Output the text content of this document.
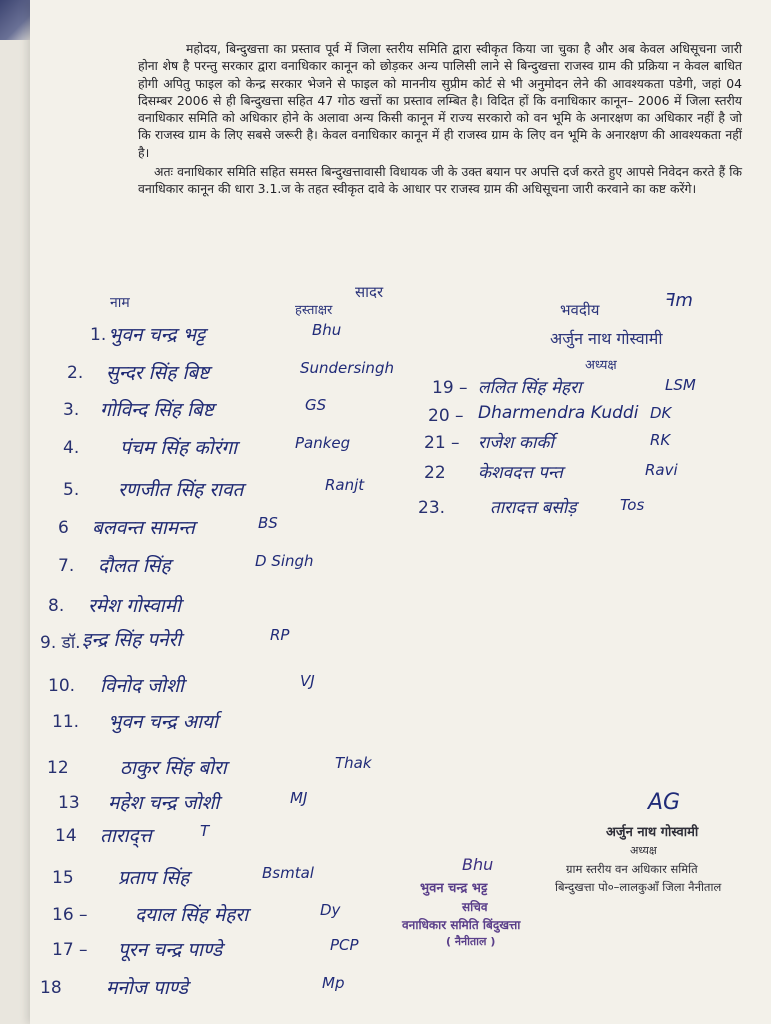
महोदय, बिन्दुखत्ता का प्रस्ताव पूर्व में जिला स्तरीय समिति द्वारा स्वीकृत किया जा चुका है और अब केवल अधिसूचना जारी होना शेष है परन्तु सरकार द्वारा वनाधिकार कानून को छोड़कर अन्य पालिसी लाने से बिन्दुखत्ता राजस्व ग्राम की प्रक्रिया न केवल बाधित होगी अपितु फाइल को केन्द्र सरकार भेजने से फाइल को माननीय सुप्रीम कोर्ट से भी अनुमोदन लेने की आवश्यकता पडेगी, जहां 04 दिसम्बर 2006 से ही बिन्दुखत्ता सहित 47 गोठ खत्तों का प्रस्ताव लम्बित है। विदित हों कि वनाधिकार कानून– 2006 में जिला स्तरीय वनाधिकार समिति को अधिकार होने के अलावा अन्य किसी कानून में राज्य सरकारो को वन भूमि के अनारक्षण का अधिकार नहीं है जो कि राजस्व ग्राम के लिए सबसे जरूरी है। केवल वनाधिकार कानून में ही राजस्व ग्राम के लिए वन भूमि के अनारक्षण की आवश्यकता नहीं है।

अतः वनाधिकार समिति सहित समस्त बिन्दुखत्तावासी विधायक जी के उक्त बयान पर अपत्ति दर्ज करते हुए आपसे निवेदन करते हैं कि वनाधिकार कानून की धारा 3.1.ज के तहत स्वीकृत दावे के आधार पर राजस्व ग्राम की अधिसूचना जारी करवाने का कष्ट करेंगे।

नाम	हस्ताक्षर
सादर
भवदीय	ꟻm
अर्जुन नाथ गोस्वामी
अध्यक्ष
1. भुवन चन्द्र भट्ट	Bhu
2. सुन्दर सिंह बिष्ट	Sundersingh
3. गोविन्द सिंह बिष्ट	GS
4. पंचम सिंह कोरंगा	Pankeg
5. रणजीत सिंह रावत	Ranjt
6 बलवन्त सामन्त	BS
7. दौलत सिंह	D Singh
8. रमेश गोस्वामी
9. डॉ. इन्द्र सिंह पनेरी	RP
10. विनोद जोशी	VJ
11. भुवन चन्द्र आर्या
12	ठाकुर सिंह बोरा	Thak
13 महेश चन्द्र जोशी	MJ
14 ताराद्त्त	T
15 प्रताप सिंह	Bsmtal
16 – दयाल सिंह मेहरा	Dy
17 – पूरन चन्द्र पाण्डे	PCP
18 मनोज पाण्डे	Mp
19 – ललित सिंह मेहरा	LSM
20 – Dharmendra Kuddi DK
21 – राजेश कार्की	RK
22 केशवदत्त पन्त	Ravi
23.	तारादत्त बसोड़	Tos
AG
अर्जुन नाथ गोस्वामी
अध्यक्ष
ग्राम स्तरीय वन अधिकार समिति
बिन्दुखत्ता पो०–लालकुआँ जिला नैनीताल
Bhu
भुवन चन्द्र भट्ट
सचिव
वनाधिकार समिति बिंदुखत्ता
( नैनीताल )
